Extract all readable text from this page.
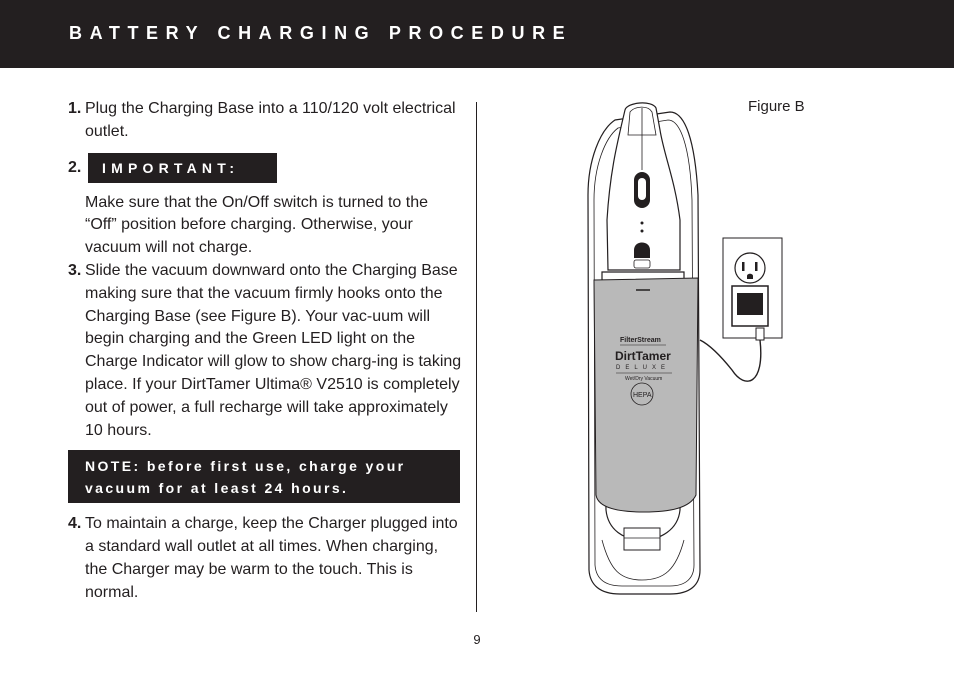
BATTERY CHARGING PROCEDURE
1. Plug the Charging Base into a 110/120 volt electrical outlet.
2.	IMPORTANT:
Make sure that the On/Off switch is turned to the “Off” position before charging. Otherwise, your vacuum will not charge.
3. Slide the vacuum downward onto the Charging Base making sure that the vacuum firmly hooks onto the Charging Base (see Figure B). Your vac-uum will begin charging and the Green LED light on the Charge Indicator will glow to show charg-ing is taking place. If your DirtTamer Ultima® V2510 is completely out of power, a full recharge will take approximately 10 hours.
NOTE: before first use, charge your vacuum for at least 24 hours.
4. To maintain a charge, keep the Charger plugged into a standard wall outlet at all times. When charging, the Charger may be warm to the touch. This is normal.
Figure B
FilterStream
DirtTamer
DELUXE
Wet/Dry Vacuum
HEPA
9
